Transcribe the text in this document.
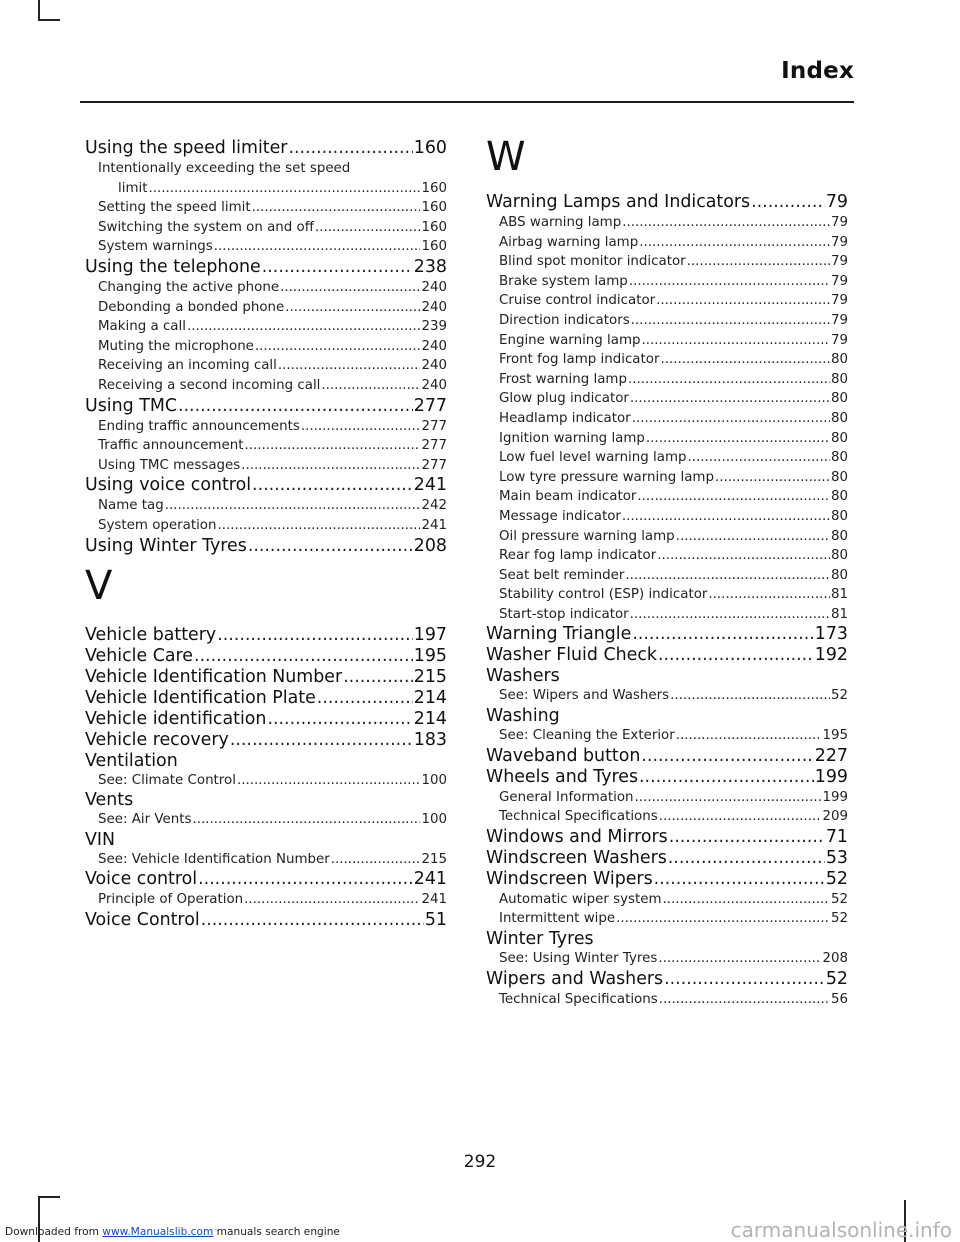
Index
Using the speed limiter .....	160
Intentionally exceeding the set speed
limit .....	160
Setting the speed limit .....	160
Switching the system on and off .....	160
System warnings .....	160
Using the telephone .....	238
Changing the active phone .....	240
Debonding a bonded phone .....	240
Making a call .....	239
Muting the microphone .....	240
Receiving an incoming call .....	240
Receiving a second incoming call .....	240
Using TMC .....	277
Ending traffic announcements .....	277
Traffic announcement .....	277
Using TMC messages .....	277
Using voice control .....	241
Name tag .....	242
System operation .....	241
Using Winter Tyres .....	208
V
Vehicle battery .....	197
Vehicle Care .....	195
Vehicle Identification Number .....	215
Vehicle Identification Plate .....	214
Vehicle identification .....	214
Vehicle recovery .....	183
Ventilation
See: Climate Control .....	100
Vents
See: Air Vents .....	100
VIN
See: Vehicle Identification Number .....	215
Voice control .....	241
Principle of Operation .....	241
Voice Control .....	51
W
Warning Lamps and Indicators .....	79
ABS warning lamp .....	79
Airbag warning lamp .....	79
Blind spot monitor indicator .....	79
Brake system lamp .....	79
Cruise control indicator .....	79
Direction indicators .....	79
Engine warning lamp .....	79
Front fog lamp indicator .....	80
Frost warning lamp .....	80
Glow plug indicator .....	80
Headlamp indicator .....	80
Ignition warning lamp .....	80
Low fuel level warning lamp .....	80
Low tyre pressure warning lamp .....	80
Main beam indicator .....	80
Message indicator .....	80
Oil pressure warning lamp .....	80
Rear fog lamp indicator .....	80
Seat belt reminder .....	80
Stability control (ESP) indicator .....	81
Start-stop indicator .....	81
Warning Triangle .....	173
Washer Fluid Check .....	192
Washers
See: Wipers and Washers .....	52
Washing
See: Cleaning the Exterior .....	195
Waveband button .....	227
Wheels and Tyres .....	199
General Information .....	199
Technical Specifications .....	209
Windows and Mirrors .....	71
Windscreen Washers .....	53
Windscreen Wipers .....	52
Automatic wiper system .....	52
Intermittent wipe .....	52
Winter Tyres
See: Using Winter Tyres .....	208
Wipers and Washers .....	52
Technical Specifications .....	56
292
Downloaded from www.Manualslib.com manuals search engine	carmanualsonline.info
